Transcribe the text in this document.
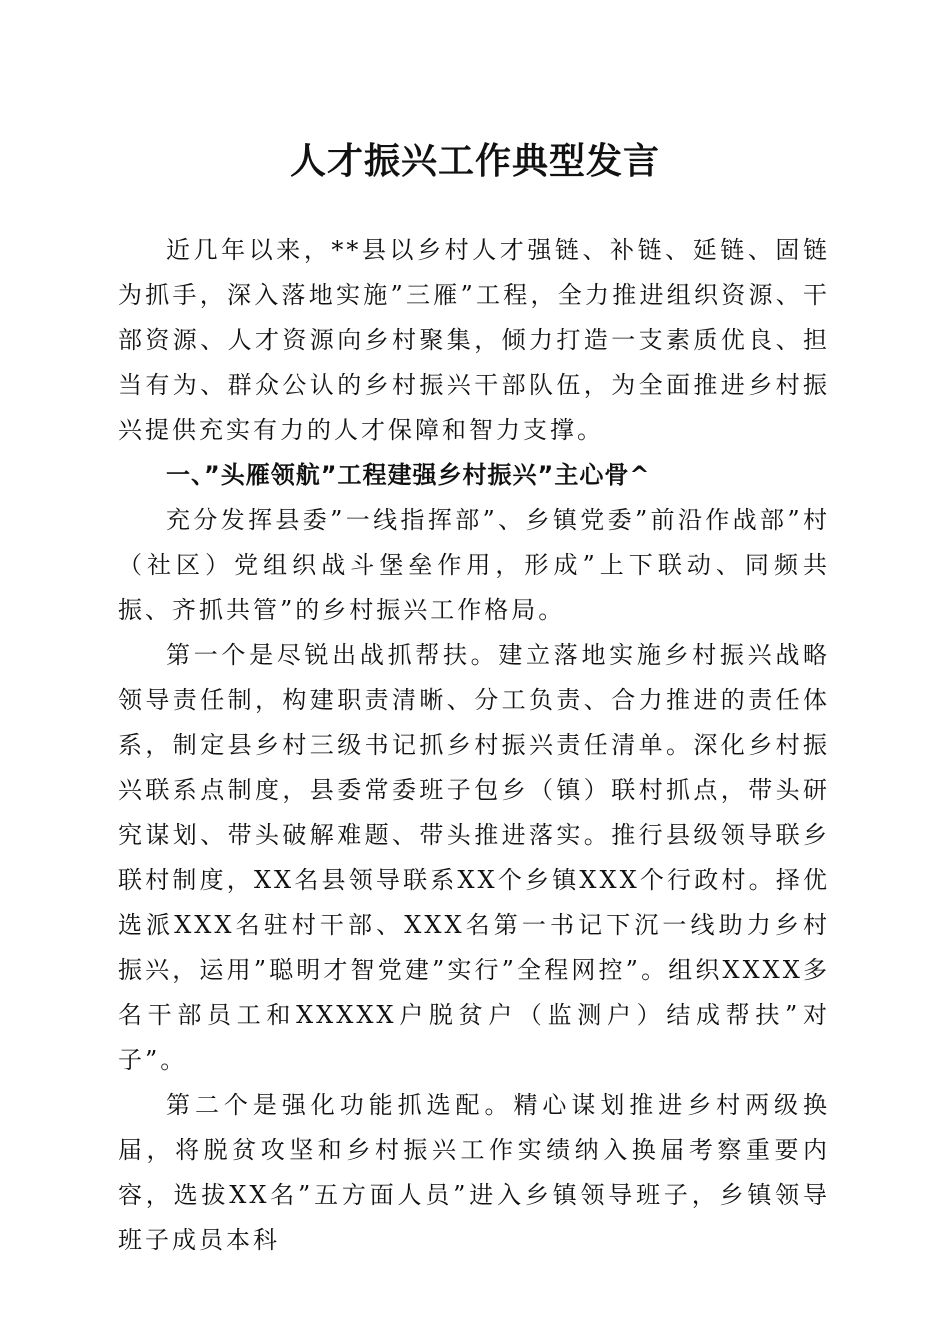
人才振兴工作典型发言

近几年以来，**县以乡村人才强链、补链、延链、固链为抓手，深入落地实施”三雁”工程，全力推进组织资源、干部资源、人才资源向乡村聚集，倾力打造一支素质优良、担当有为、群众公认的乡村振兴干部队伍，为全面推进乡村振兴提供充实有力的人才保障和智力支撑。

一、”头雁领航”工程建强乡村振兴”主心骨^

充分发挥县委”一线指挥部”、乡镇党委”前沿作战部”村（社区）党组织战斗堡垒作用，形成”上下联动、同频共振、齐抓共管”的乡村振兴工作格局。

第一个是尽锐出战抓帮扶。建立落地实施乡村振兴战略领导责任制，构建职责清晰、分工负责、合力推进的责任体系，制定县乡村三级书记抓乡村振兴责任清单。深化乡村振兴联系点制度，县委常委班子包乡（镇）联村抓点，带头研究谋划、带头破解难题、带头推进落实。推行县级领导联乡联村制度，XX名县领导联系XX个乡镇XXX个行政村。择优选派XXX名驻村干部、XXX名第一书记下沉一线助力乡村振兴，运用”聪明才智党建”实行”全程网控”。组织XXXX多名干部员工和XXXXX户脱贫户（监测户）结成帮扶”对子”。

第二个是强化功能抓选配。精心谋划推进乡村两级换届，将脱贫攻坚和乡村振兴工作实绩纳入换届考察重要内容，选拔XX名”五方面人员”进入乡镇领导班子，乡镇领导班子成员本科
